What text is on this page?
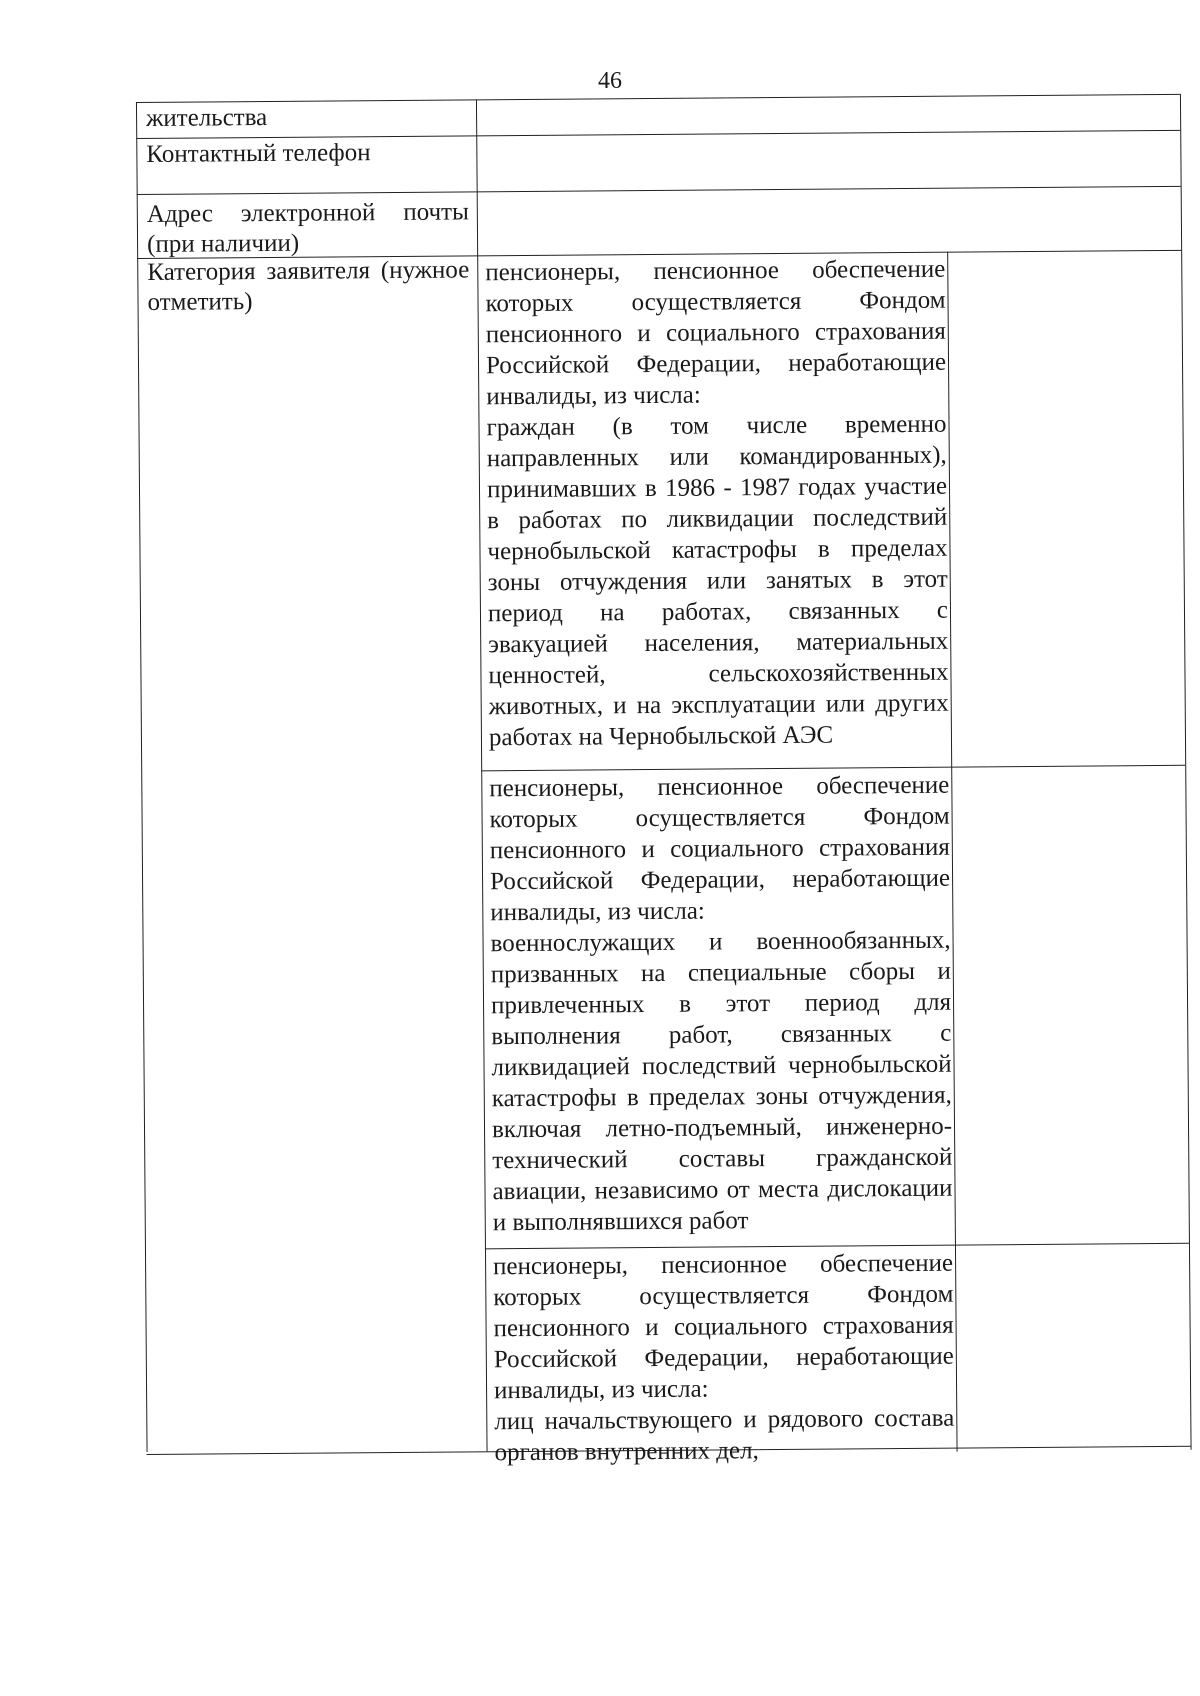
46
жительства
Контактный телефон
Адрес электронной почты (при наличии)
Категория заявителя (нужное отметить)

пенсионеры, пенсионное обеспечение которых осуществляется Фондом пенсионного и социального страхования Российской Федерации, неработающие инвалиды, из числа:

граждан (в том числе временно направленных или командированных), принимавших в 1986 - 1987 годах участие в работах по ликвидации последствий чернобыльской катастрофы в пределах зоны отчуждения или занятых в этот период на работах, связанных с эвакуацией населения, материальных ценностей, сельскохозяйственных животных, и на эксплуатации или других работах на Чернобыльской АЭС

пенсионеры, пенсионное обеспечение которых осуществляется Фондом пенсионного и социального страхования Российской Федерации, неработающие инвалиды, из числа:

военнослужащих и военнообязанных, призванных на специальные сборы и привлеченных в этот период для выполнения работ, связанных с ликвидацией последствий чернобыльской катастрофы в пределах зоны отчуждения, включая летно-подъемный, инженерно-технический составы гражданской авиации, независимо от места дислокации и выполнявшихся работ

пенсионеры, пенсионное обеспечение которых осуществляется Фондом пенсионного и социального страхования Российской Федерации, неработающие инвалиды, из числа:

лиц начальствующего и рядового состава органов внутренних дел,
